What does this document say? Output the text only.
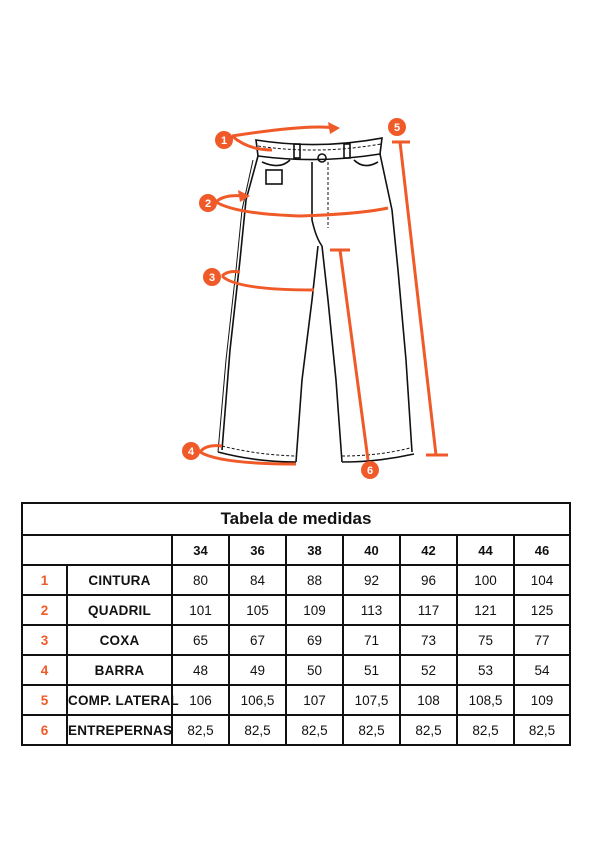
1
2
3
4
5
6
Tabela de medidas								
		34	36	38	40	42	44	46
1	CINTURA	80	84	88	92	96	100	104
2	QUADRIL	101	105	109	113	117	121	125
3	COXA	65	67	69	71	73	75	77
4	BARRA	48	49	50	51	52	53	54
5	COMP. LATERAL	106	106,5	107	107,5	108	108,5	109
6	ENTREPERNAS	82,5	82,5	82,5	82,5	82,5	82,5	82,5
